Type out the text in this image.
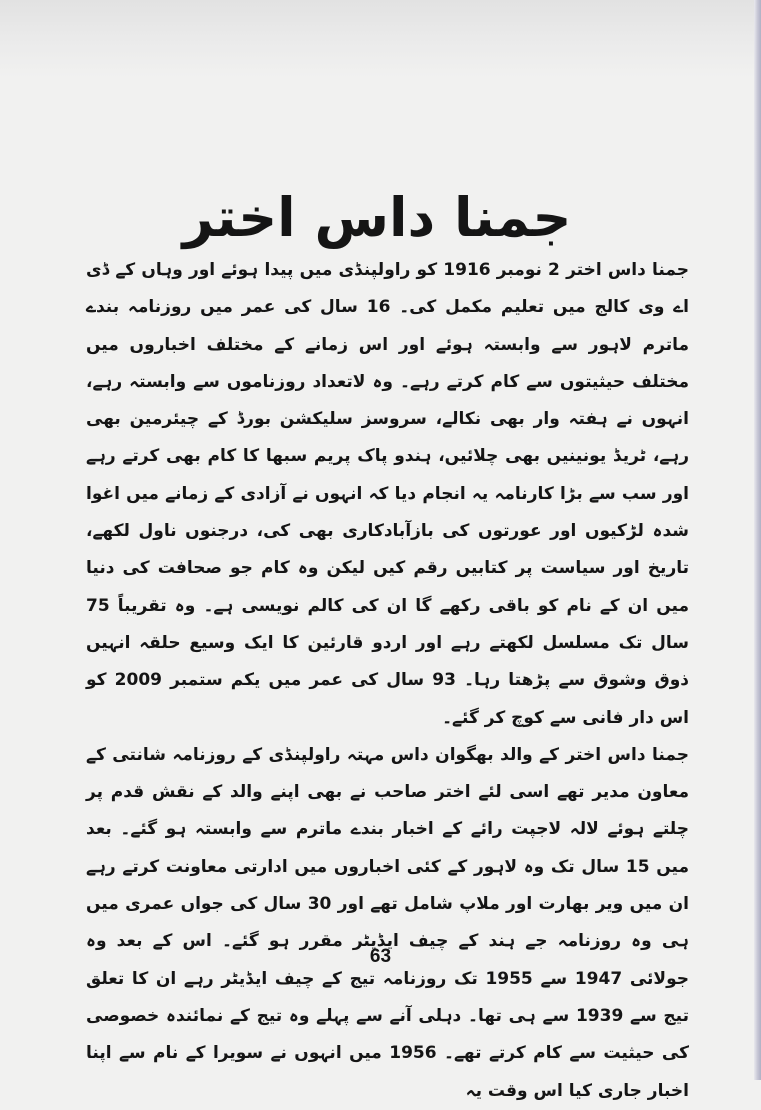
جمنا داس اختر

جمنا داس اختر 2 نومبر 1916 کو راولپنڈی میں پیدا ہوئے اور وہاں کے ڈی اے وی کالج میں تعلیم مکمل کی۔ 16 سال کی عمر میں روزنامہ بندے ماترم لاہور سے وابستہ ہوئے اور اس زمانے کے مختلف اخباروں میں مختلف حیثیتوں سے کام کرتے رہے۔ وہ لاتعداد روزناموں سے وابستہ رہے، انہوں نے ہفتہ وار بھی نکالے، سروسز سلیکشن بورڈ کے چیئرمین بھی رہے، ٹریڈ یونینیں بھی چلائیں، ہندو پاک پریم سبھا کا کام بھی کرتے رہے اور سب سے بڑا کارنامہ یہ انجام دیا کہ انہوں نے آزادی کے زمانے میں اغوا شدہ لڑکیوں اور عورتوں کی بازآبادکاری بھی کی، درجنوں ناول لکھے، تاریخ اور سیاست پر کتابیں رقم کیں لیکن وہ کام جو صحافت کی دنیا میں ان کے نام کو باقی رکھے گا ان کی کالم نویسی ہے۔ وہ تقریباً 75 سال تک مسلسل لکھتے رہے اور اردو قارئین کا ایک وسیع حلقہ انہیں ذوق وشوق سے پڑھتا رہا۔ 93 سال کی عمر میں یکم ستمبر 2009 کو اس دار فانی سے کوچ کر گئے۔

جمنا داس اختر کے والد بھگوان داس مہتہ راولپنڈی کے روزنامہ شانتی کے معاون مدیر تھے اسی لئے اختر صاحب نے بھی اپنے والد کے نقش قدم پر چلتے ہوئے لالہ لاجپت رائے کے اخبار بندے ماترم سے وابستہ ہو گئے۔ بعد میں 15 سال تک وہ لاہور کے کئی اخباروں میں ادارتی معاونت کرتے رہے ان میں ویر بھارت اور ملاپ شامل تھے اور 30 سال کی جواں عمری میں ہی وہ روزنامہ جے ہند کے چیف ایڈیٹر مقرر ہو گئے۔ اس کے بعد وہ جولائی 1947 سے 1955 تک روزنامہ تیج کے چیف ایڈیٹر رہے ان کا تعلق تیج سے 1939 سے ہی تھا۔ دہلی آنے سے پہلے وہ تیج کے نمائندہ خصوصی کی حیثیت سے کام کرتے تھے۔ 1956 میں انہوں نے سویرا کے نام سے اپنا اخبار جاری کیا اس وقت یہ

63
